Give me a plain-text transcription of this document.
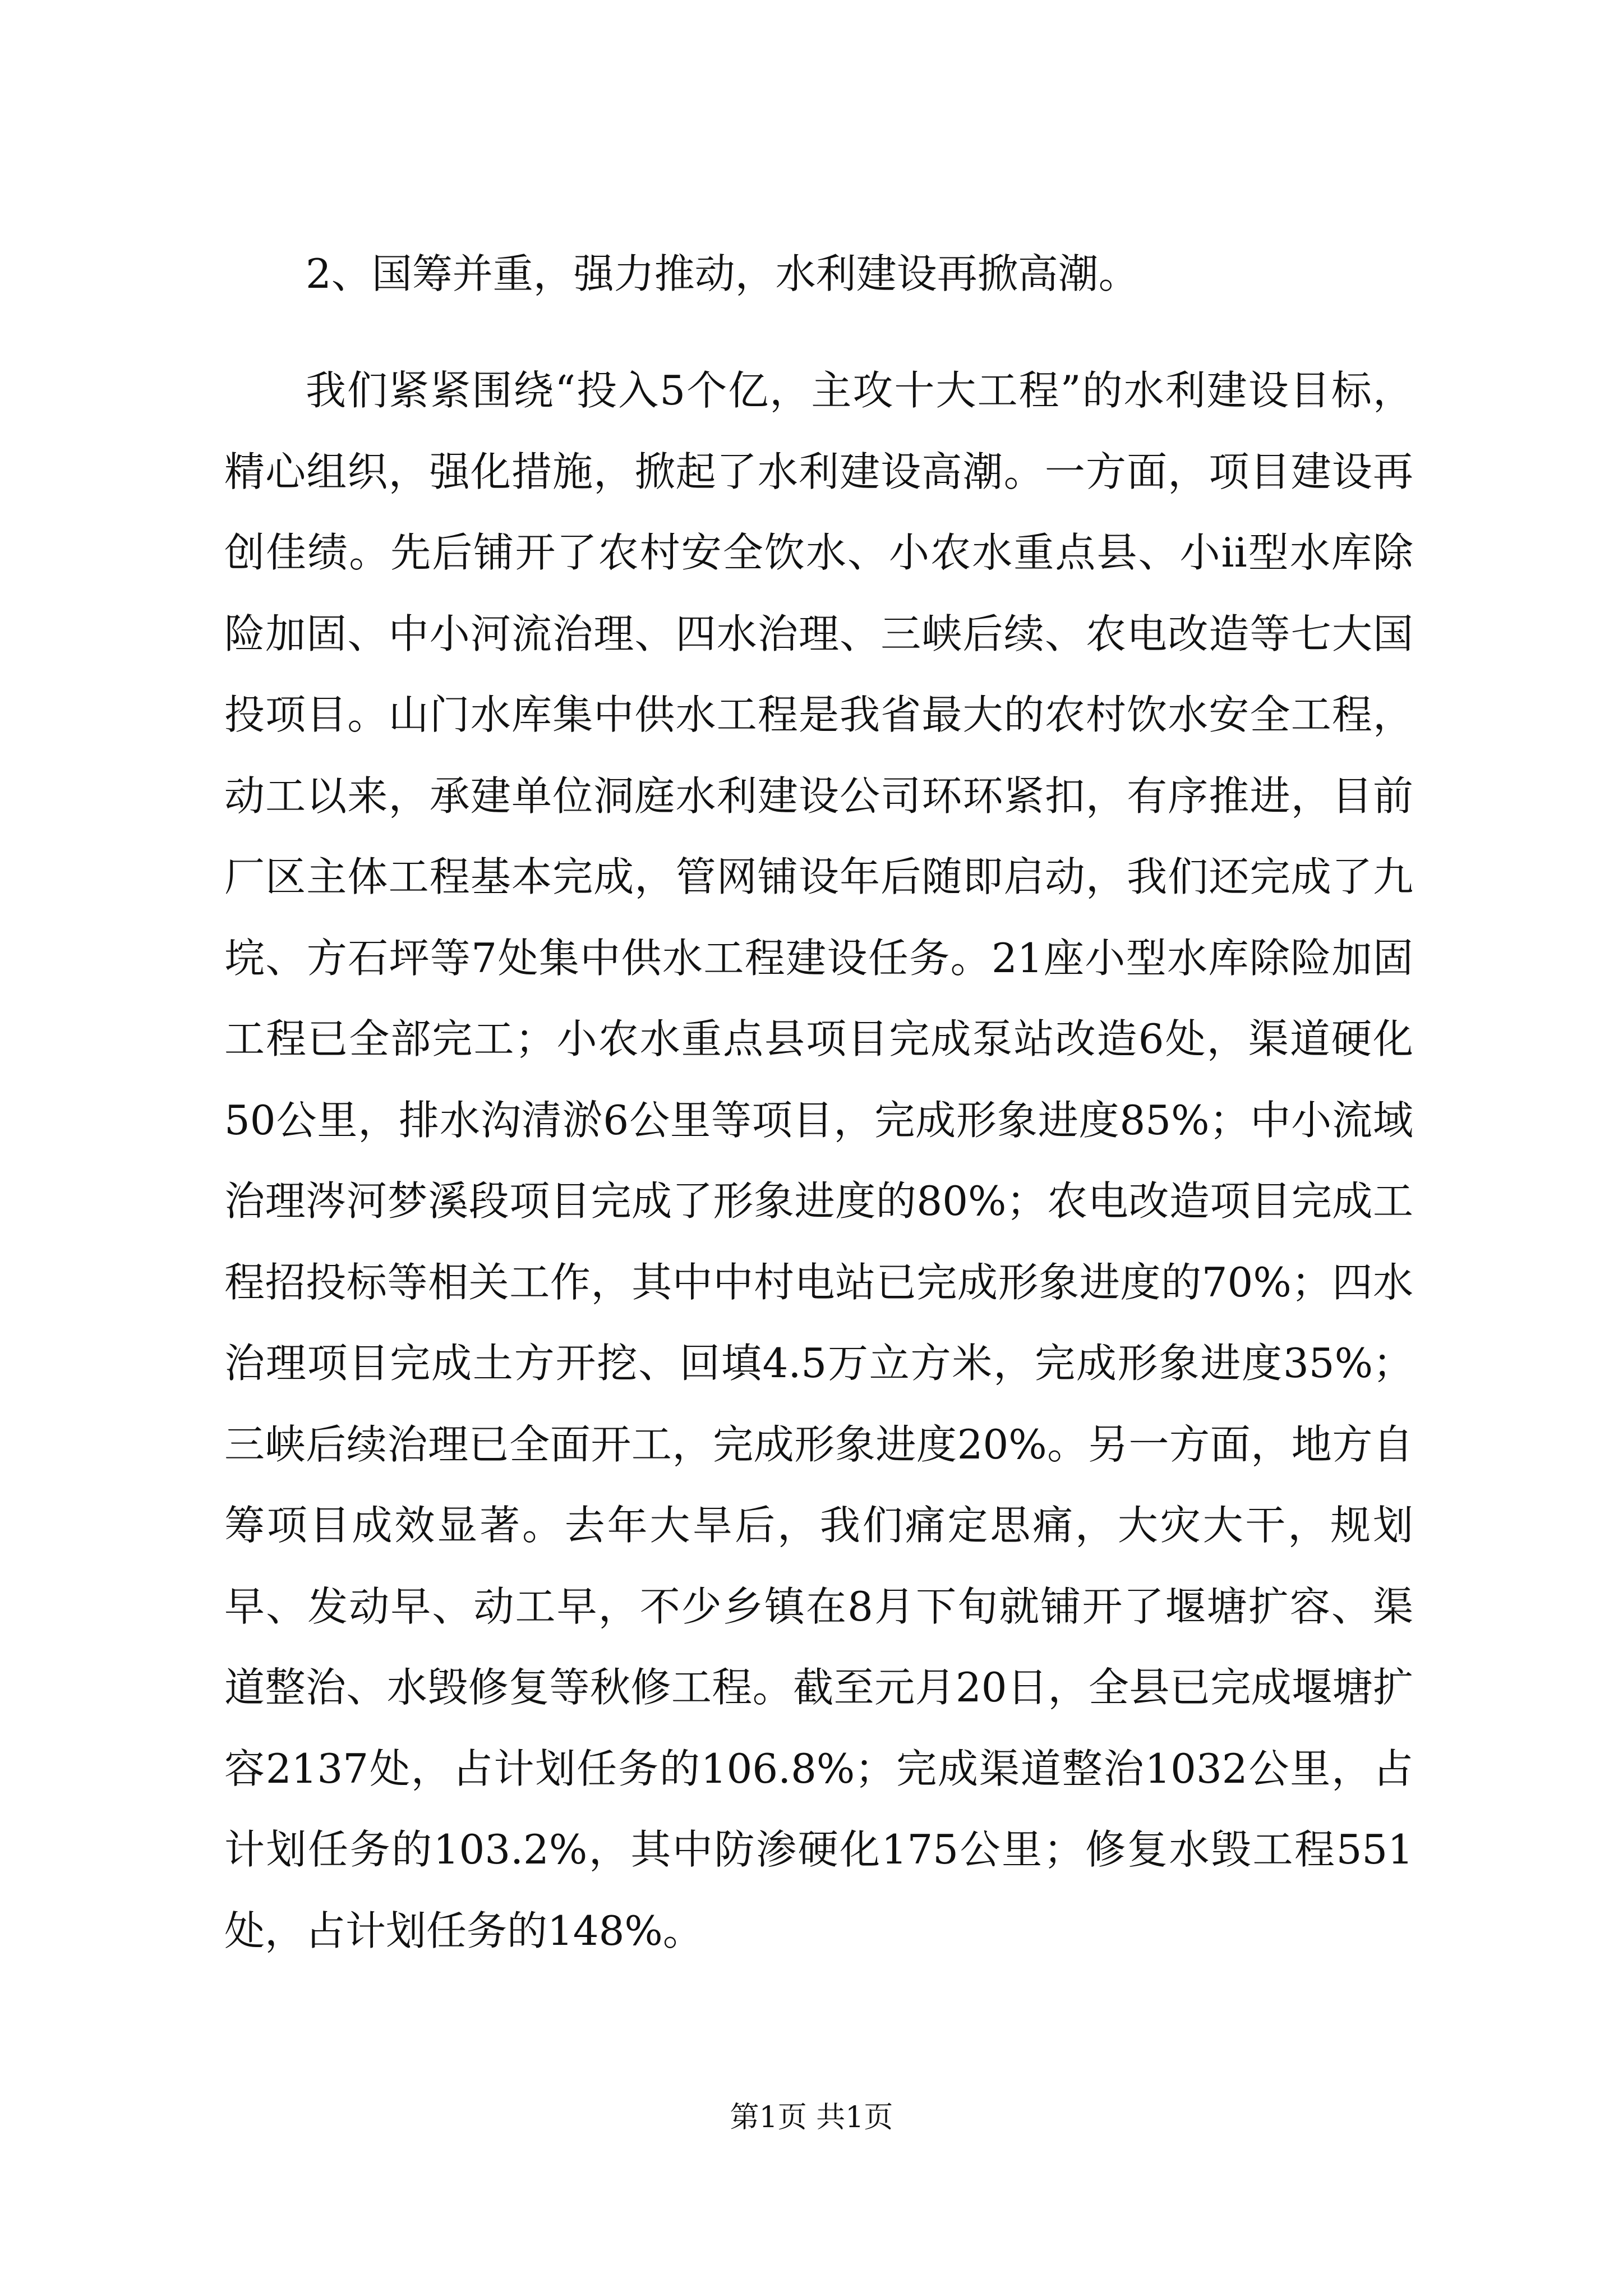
2、国筹并重，强力推动，水利建设再掀高潮。

我们紧紧围绕“投入5个亿，主攻十大工程”的水利建设目标，精心组织，强化措施，掀起了水利建设高潮。一方面，项目建设再创佳绩。先后铺开了农村安全饮水、小农水重点县、小ii型水库除险加固、中小河流治理、四水治理、三峡后续、农电改造等七大国投项目。山门水库集中供水工程是我省最大的农村饮水安全工程，动工以来，承建单位洞庭水利建设公司环环紧扣，有序推进，目前厂区主体工程基本完成，管网铺设年后随即启动，我们还完成了九垸、方石坪等7处集中供水工程建设任务。21座小型水库除险加固工程已全部完工；小农水重点县项目完成泵站改造6处，渠道硬化50公里，排水沟清淤6公里等项目，完成形象进度85%；中小流域治理涔河梦溪段项目完成了形象进度的80%；农电改造项目完成工程招投标等相关工作，其中中村电站已完成形象进度的70%；四水治理项目完成土方开挖、回填4.5万立方米，完成形象进度35%；三峡后续治理已全面开工，完成形象进度20%。另一方面，地方自筹项目成效显著。去年大旱后，我们痛定思痛，大灾大干，规划早、发动早、动工早，不少乡镇在8月下旬就铺开了堰塘扩容、渠道整治、水毁修复等秋修工程。截至元月20日，全县已完成堰塘扩容2137处，占计划任务的106.8%；完成渠道整治1032公里，占计划任务的103.2%，其中防渗硬化175公里；修复水毁工程551处，占计划任务的148%。

第1页 共1页
